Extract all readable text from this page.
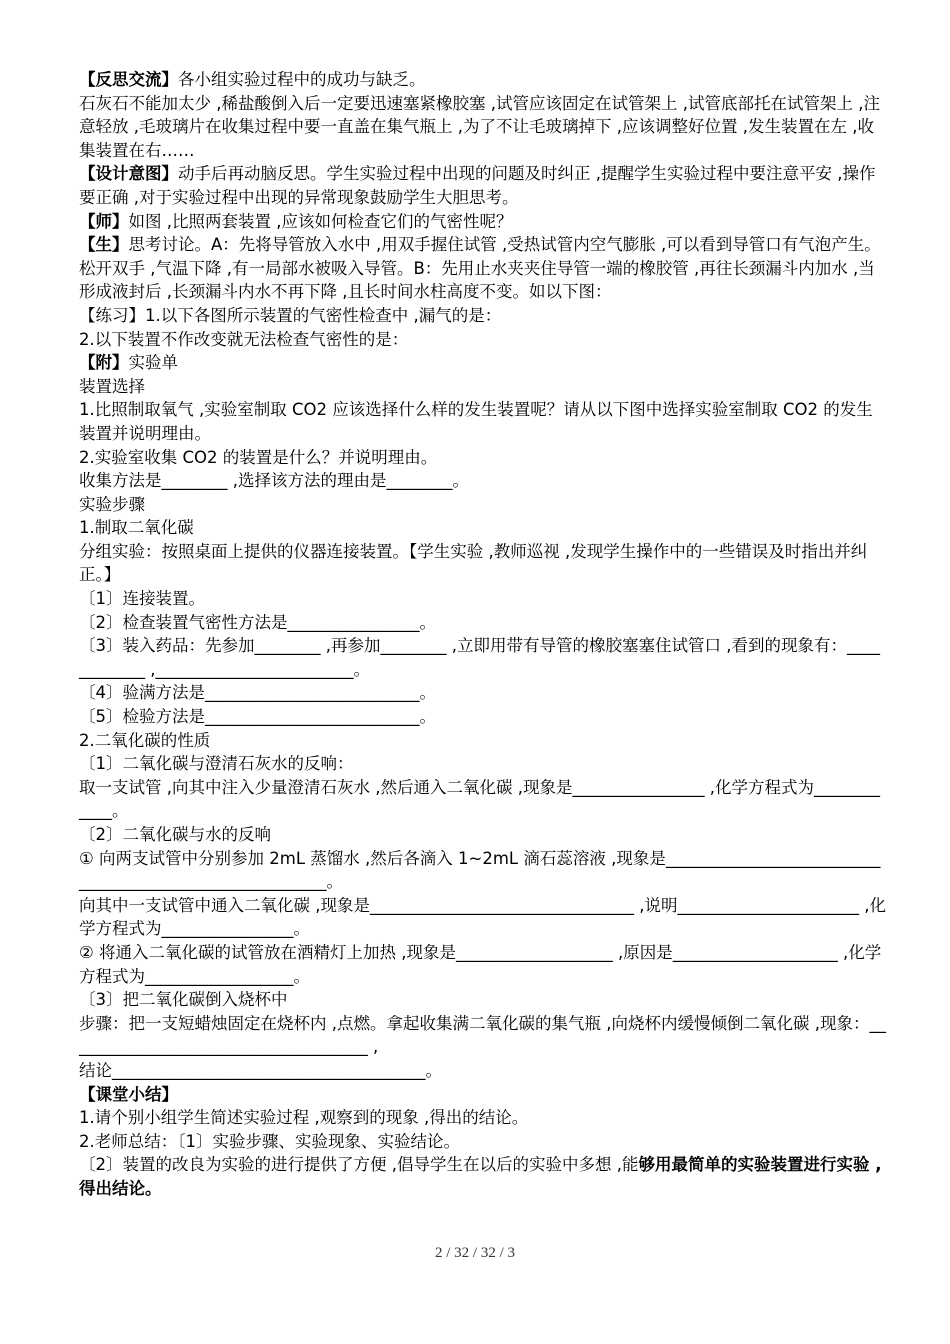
【反思交流】各小组实验过程中的成功与缺乏。

石灰石不能加太少 ,稀盐酸倒入后一定要迅速塞紧橡胶塞 ,试管应该固定在试管架上 ,试管底部托在试管架上 ,注意轻放 ,毛玻璃片在收集过程中要一直盖在集气瓶上 ,为了不让毛玻璃掉下 ,应该调整好位置 ,发生装置在左 ,收集装置在右……

【设计意图】动手后再动脑反思。学生实验过程中出现的问题及时纠正 ,提醒学生实验过程中要注意平安 ,操作要正确 ,对于实验过程中出现的异常现象鼓励学生大胆思考。

【师】如图 ,比照两套装置 ,应该如何检查它们的气密性呢？

【生】思考讨论。A：先将导管放入水中 ,用双手握住试管 ,受热试管内空气膨胀 ,可以看到导管口有气泡产生。松开双手 ,气温下降 ,有一局部水被吸入导管。B：先用止水夹夹住导管一端的橡胶管 ,再往长颈漏斗内加水 ,当形成液封后 ,长颈漏斗内水不再下降 ,且长时间水柱高度不变。如以下图：

【练习】1.以下各图所示装置的气密性检查中 ,漏气的是：

2.以下装置不作改变就无法检查气密性的是：

【附】实验单

装置选择

1.比照制取氧气 ,实验室制取 CO2 应该选择什么样的发生装置呢？请从以下图中选择实验室制取 CO2 的发生装置并说明理由。

2.实验室收集 CO2 的装置是什么？并说明理由。

收集方法是________ ,选择该方法的理由是________。

实验步骤

1.制取二氧化碳

分组实验：按照桌面上提供的仪器连接装置。【学生实验 ,教师巡视 ,发现学生操作中的一些错误及时指出并纠正。】

〔1〕连接装置。

〔2〕检查装置气密性方法是________________。

〔3〕装入药品：先参加________ ,再参加________ ,立即用带有导管的橡胶塞塞住试管口 ,看到的现象有：____________ ,________________________。

〔4〕验满方法是__________________________。

〔5〕检验方法是__________________________。

2.二氧化碳的性质

〔1〕二氧化碳与澄清石灰水的反响：

取一支试管 ,向其中注入少量澄清石灰水 ,然后通入二氧化碳 ,现象是________________ ,化学方程式为____________。

〔2〕二氧化碳与水的反响

① 向两支试管中分别参加 2mL 蒸馏水 ,然后各滴入 1~2mL 滴石蕊溶液 ,现象是________________________________________________________。

向其中一支试管中通入二氧化碳 ,现象是________________________________ ,说明______________________ ,化学方程式为________________。

② 将通入二氧化碳的试管放在酒精灯上加热 ,现象是___________________ ,原因是____________________ ,化学方程式为__________________。

〔3〕把二氧化碳倒入烧杯中

步骤：把一支短蜡烛固定在烧杯内 ,点燃。拿起收集满二氧化碳的集气瓶 ,向烧杯内缓慢倾倒二氧化碳 ,现象：_____________________________________ ,

结论______________________________________。

【课堂小结】

1.请个别小组学生简述实验过程 ,观察到的现象 ,得出的结论。

2.老师总结：〔1〕实验步骤、实验现象、实验结论。

〔2〕装置的改良为实验的进行提供了方便 ,倡导学生在以后的实验中多想 ,能够用最简单的实验装置进行实验 ,得出结论。

2 / 32 / 32 / 3
